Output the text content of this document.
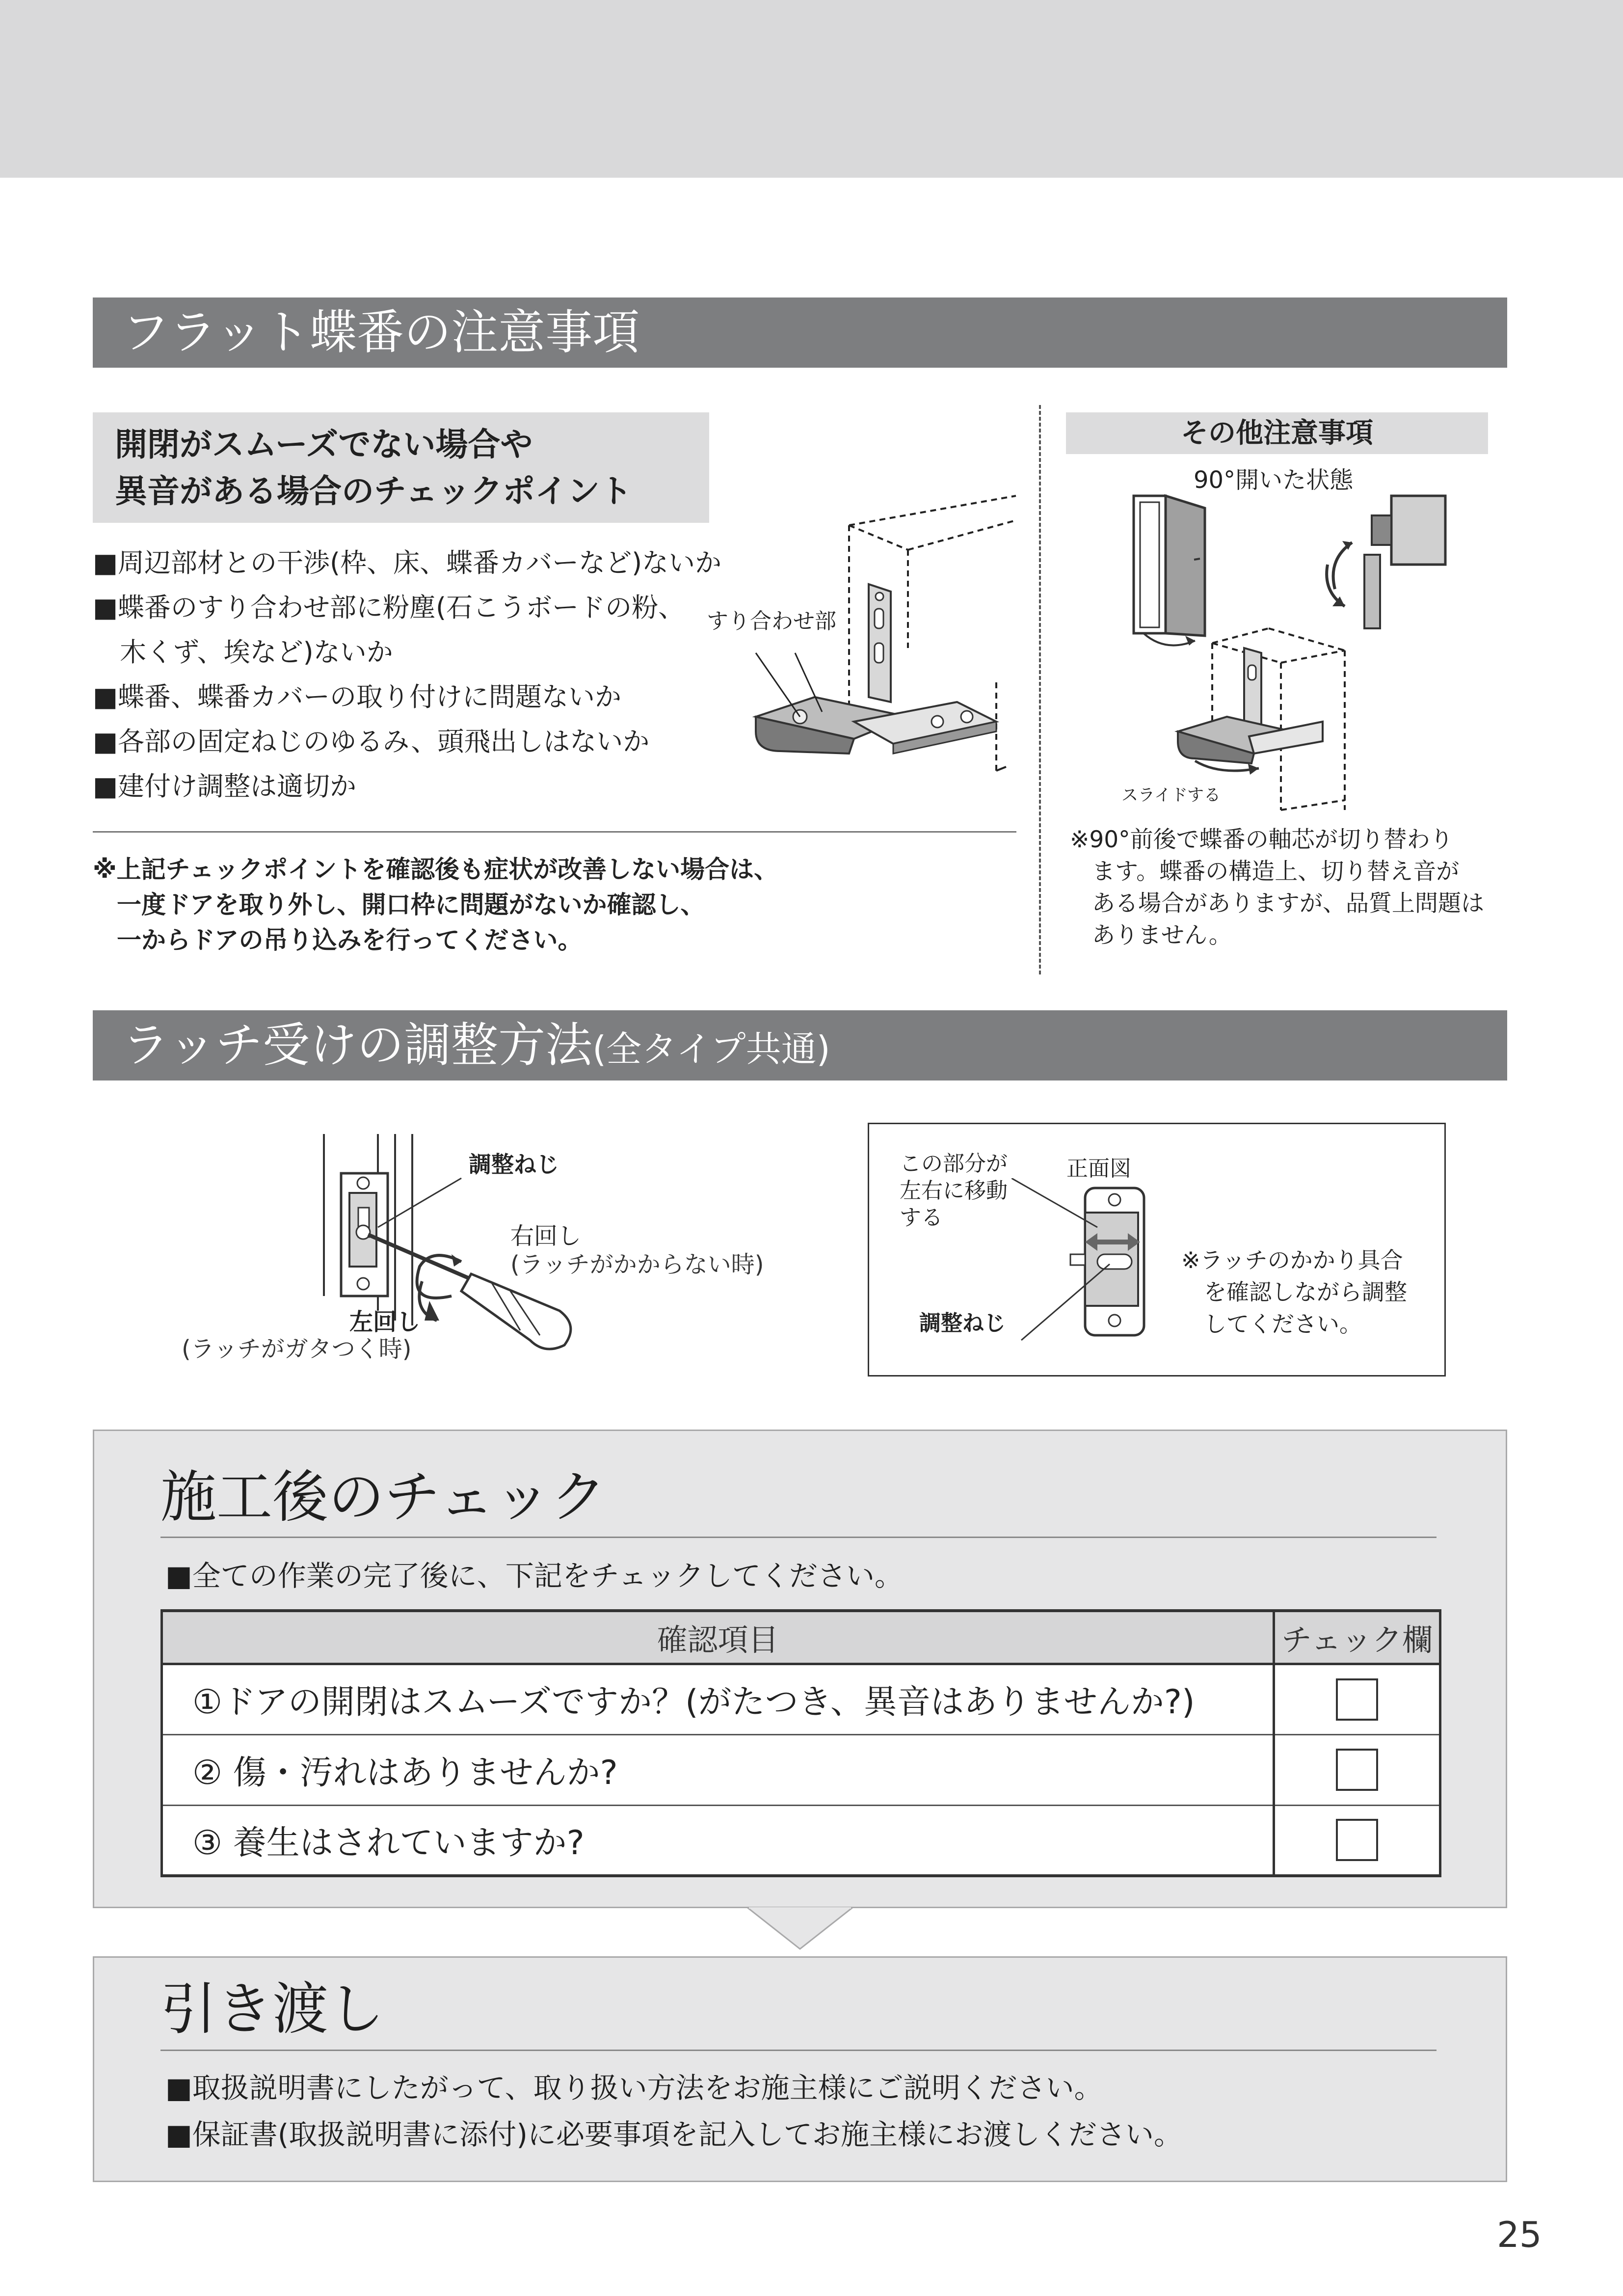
フラット蝶番の注意事項
開閉がスムーズでない場合や
異音がある場合のチェックポイント
■周辺部材との干渉(枠、床、蝶番カバーなど)ないか
■蝶番のすり合わせ部に粉塵(石こうボードの粉、
木くず、埃など)ないか
■蝶番、蝶番カバーの取り付けに問題ないか
■各部の固定ねじのゆるみ、頭飛出しはないか
■建付け調整は適切か
すり合わせ部
※上記チェックポイントを確認後も症状が改善しない場合は、
一度ドアを取り外し、開口枠に問題がないか確認し、
一からドアの吊り込みを行ってください。
その他注意事項
90°開いた状態
スライドする
※90°前後で蝶番の軸芯が切り替わり
ます。蝶番の構造上、切り替え音が
ある場合がありますが、品質上問題は
ありません。
ラッチ受けの調整方法(全タイプ共通)
調整ねじ
右回し
(ラッチがかからない時)
左回し
(ラッチがガタつく時)
この部分が
左右に移動
する
正面図
調整ねじ
※ラッチのかかり具合
を確認しながら調整
してください。
施工後のチェック
■全ての作業の完了後に、下記をチェックしてください。
確認項目	チェック欄
①ドアの開閉はスムーズですか？(がたつき、異音はありませんか?)	
② 傷・汚れはありませんか?	
③ 養生はされていますか?	
引き渡し
■取扱説明書にしたがって、取り扱い方法をお施主様にご説明ください。
■保証書(取扱説明書に添付)に必要事項を記入してお施主様にお渡しください。
25
